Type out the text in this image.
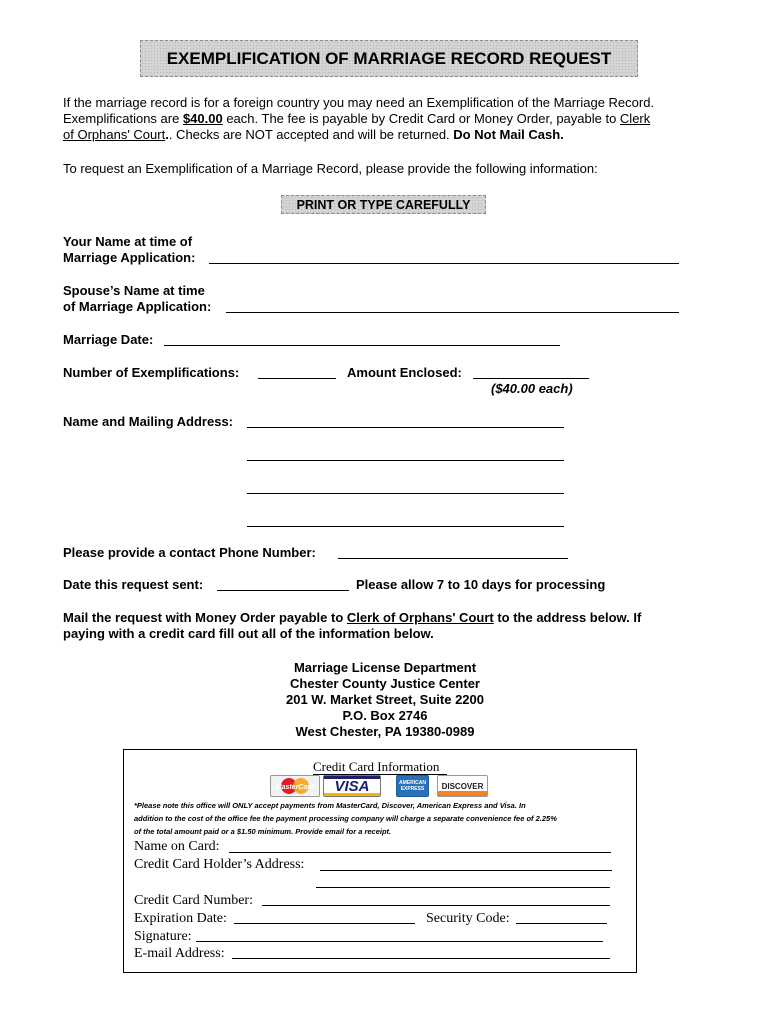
EXEMPLIFICATION OF MARRIAGE RECORD REQUEST
If the marriage record is for a foreign country you may need an Exemplification of the Marriage Record.
Exemplifications are $40.00 each. The fee is payable by Credit Card or Money Order, payable to Clerk
of Orphans' Court.. Checks are NOT accepted and will be returned. Do Not Mail Cash.
To request an Exemplification of a Marriage Record, please provide the following information:
PRINT OR TYPE CAREFULLY
Your Name at time of
Marriage Application:
Spouse’s Name at time
of Marriage Application:
Marriage Date:
Number of Exemplifications:	Amount Enclosed:
($40.00 each)
Name and Mailing Address:
Please provide a contact Phone Number:
Date this request sent:	Please allow 7 to 10 days for processing
Mail the request with Money Order payable to Clerk of Orphans' Court to the address below. If
paying with a credit card fill out all of the information below.
Marriage License Department
Chester County Justice Center
201 W. Market Street, Suite 2200
P.O. Box 2746
West Chester, PA 19380-0989
Credit Card Information
MasterCard	VISA	AMERICAN EXPRESS	DISCOVER
*Please note this office will ONLY accept payments from MasterCard, Discover, American Express and Visa. In
addition to the cost of the office fee the payment processing company will charge a separate convenience fee of 2.25%
of the total amount paid or a $1.50 minimum. Provide email for a receipt.
Name on Card:
Credit Card Holder’s Address:
Credit Card Number:
Expiration Date:	Security Code:
Signature:
E-mail Address:
